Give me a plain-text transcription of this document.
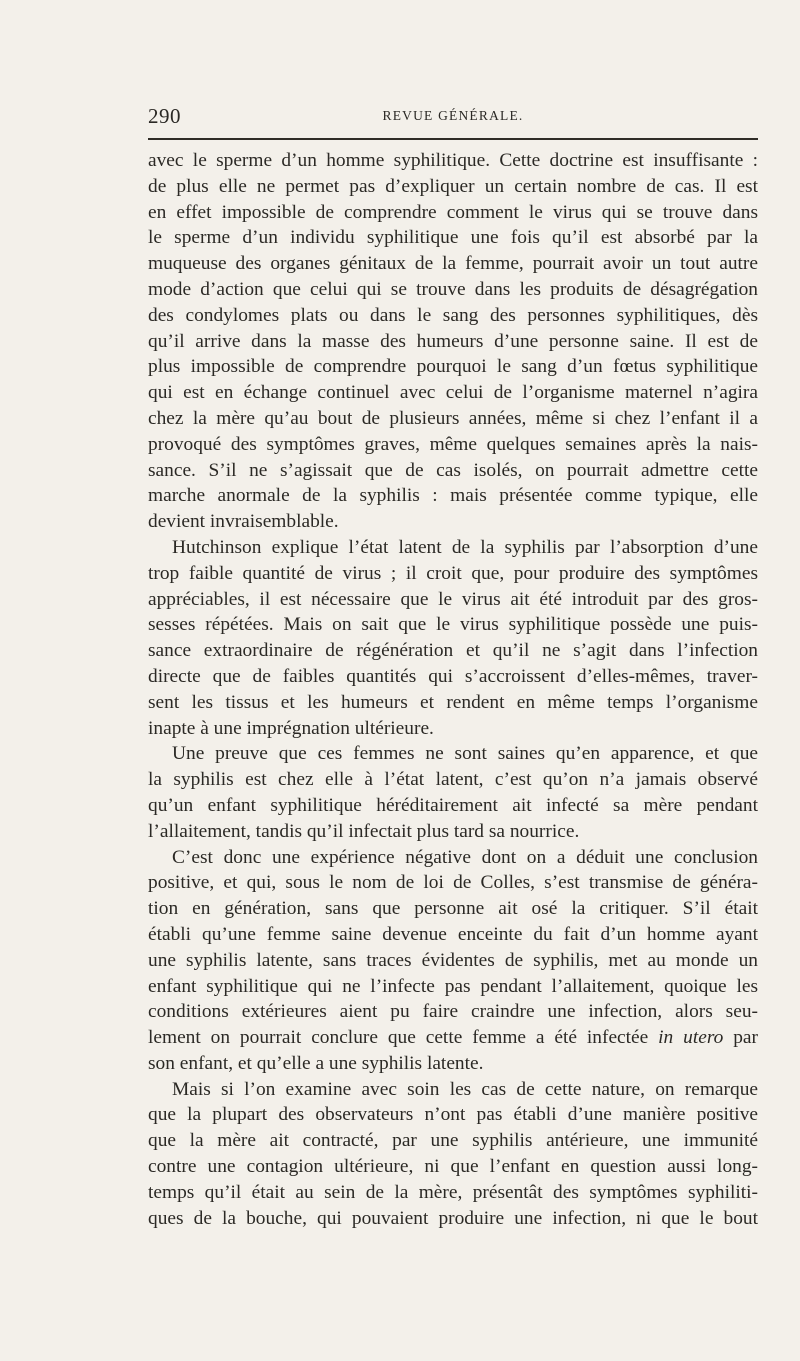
290	REVUE GÉNÉRALE.

avec le sperme d’un homme syphilitique. Cette doctrine est insuffisante :

de plus elle ne permet pas d’expliquer un certain nombre de cas. Il est

en effet impossible de comprendre comment le virus qui se trouve dans

le sperme d’un individu syphilitique une fois qu’il est absorbé par la

muqueuse des organes génitaux de la femme, pourrait avoir un tout autre

mode d’action que celui qui se trouve dans les produits de désagrégation

des condylomes plats ou dans le sang des personnes syphilitiques, dès

qu’il arrive dans la masse des humeurs d’une personne saine. Il est de

plus impossible de comprendre pourquoi le sang d’un fœtus syphilitique

qui est en échange continuel avec celui de l’organisme maternel n’agira

chez la mère qu’au bout de plusieurs années, même si chez l’enfant il a

provoqué des symptômes graves, même quelques semaines après la nais-

sance. S’il ne s’agissait que de cas isolés, on pourrait admettre cette

marche anormale de la syphilis : mais présentée comme typique, elle

devient invraisemblable.

Hutchinson explique l’état latent de la syphilis par l’absorption d’une

trop faible quantité de virus ; il croit que, pour produire des symptômes

appréciables, il est nécessaire que le virus ait été introduit par des gros-

sesses répétées. Mais on sait que le virus syphilitique possède une puis-

sance extraordinaire de régénération et qu’il ne s’agit dans l’infection

directe que de faibles quantités qui s’accroissent d’elles-mêmes, traver-

sent les tissus et les humeurs et rendent en même temps l’organisme

inapte à une imprégnation ultérieure.

Une preuve que ces femmes ne sont saines qu’en apparence, et que

la syphilis est chez elle à l’état latent, c’est qu’on n’a jamais observé

qu’un enfant syphilitique héréditairement ait infecté sa mère pendant

l’allaitement, tandis qu’il infectait plus tard sa nourrice.

C’est donc une expérience négative dont on a déduit une conclusion

positive, et qui, sous le nom de loi de Colles, s’est transmise de généra-

tion en génération, sans que personne ait osé la critiquer. S’il était

établi qu’une femme saine devenue enceinte du fait d’un homme ayant

une syphilis latente, sans traces évidentes de syphilis, met au monde un

enfant syphilitique qui ne l’infecte pas pendant l’allaitement, quoique les

conditions extérieures aient pu faire craindre une infection, alors seu-

lement on pourrait conclure que cette femme a été infectée in utero par

son enfant, et qu’elle a une syphilis latente.

Mais si l’on examine avec soin les cas de cette nature, on remarque

que la plupart des observateurs n’ont pas établi d’une manière positive

que la mère ait contracté, par une syphilis antérieure, une immunité

contre une contagion ultérieure, ni que l’enfant en question aussi long-

temps qu’il était au sein de la mère, présentât des symptômes syphiliti-

ques de la bouche, qui pouvaient produire une infection, ni que le bout
